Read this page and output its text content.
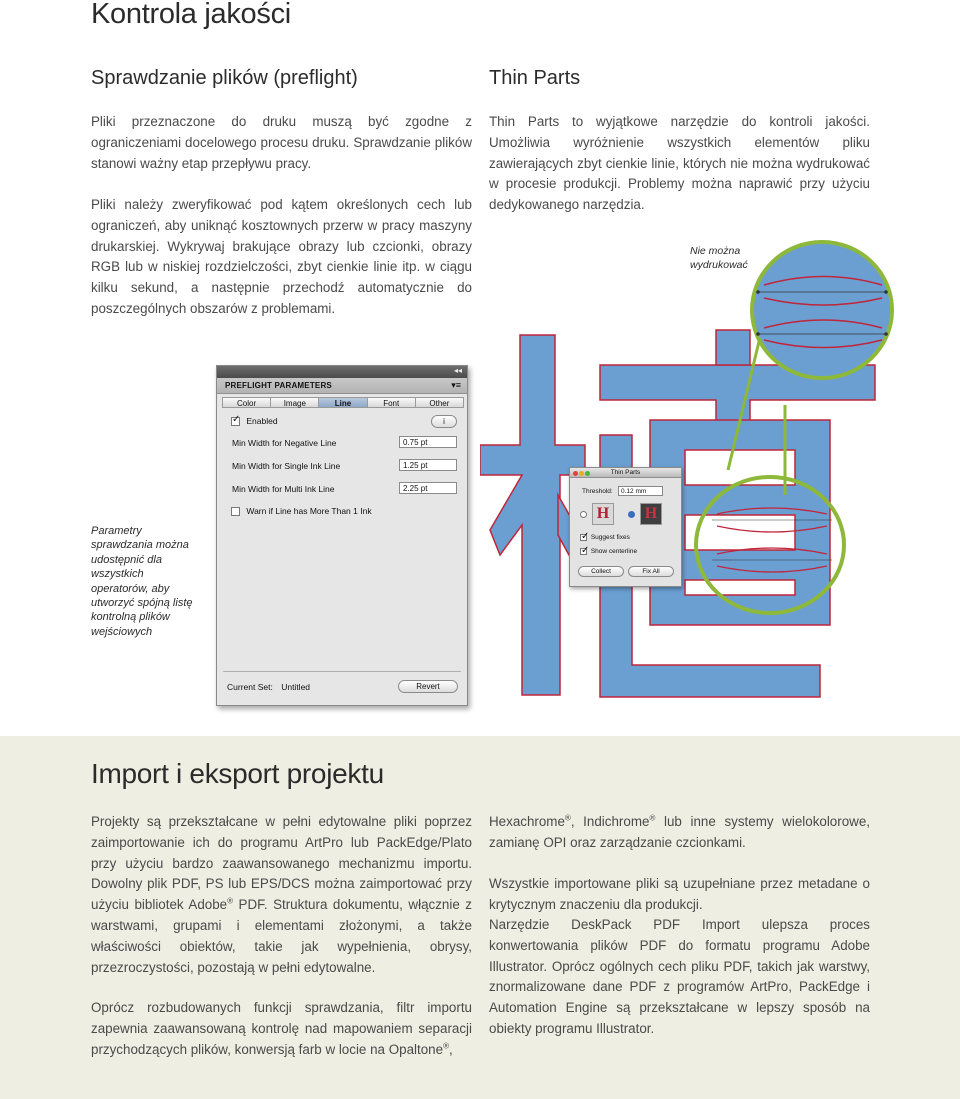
Kontrola jakości
Sprawdzanie plików (preflight)
Pliki przeznaczone do druku muszą być zgodne z ograniczeniami docelowego procesu druku. Sprawdzanie plików stanowi ważny etap przepływu pracy.
Pliki należy zweryfikować pod kątem określonych cech lub ograniczeń, aby uniknąć kosztownych przerw w pracy maszyny drukarskiej. Wykrywaj brakujące obrazy lub czcionki, obrazy RGB lub w niskiej rozdzielczości, zbyt cienkie linie itp. w ciągu kilku sekund, a następnie przechodź automatycznie do poszczególnych obszarów z problemami.
Thin Parts
Thin Parts to wyjątkowe narzędzie do kontroli jakości. Umożliwia wyróżnienie wszystkich elementów pliku zawierających zbyt cienkie linie, których nie można wydrukować w procesie produkcji. Problemy można naprawić przy użyciu dedykowanego narzędzia.
Nie można wydrukować
◂◂
PREFLIGHT PARAMETERS	▾≡
Color	Image	Line	Font	Other
✓ Enabled	i
Min Width for Negative Line	0.75 pt
Min Width for Single Ink Line	1.25 pt
Min Width for Multi Ink Line	2.25 pt
Warn if Line has More Than 1 Ink
Current Set: Untitled	Revert
Thin Parts
Threshold:	0.12 mm
H H
✓ Suggest fixes
✓ Show centerline
Collect	Fix All
Parametry sprawdzania można udostępnić dla wszystkich operatorów, aby utworzyć spójną listę kontrolną plików wejściowych
Import i eksport projektu
Projekty są przekształcane w pełni edytowalne pliki poprzez zaimportowanie ich do programu ArtPro lub PackEdge/Plato przy użyciu bardzo zaawansowanego mechanizmu importu. Dowolny plik PDF, PS lub EPS/DCS można zaimportować przy użyciu bibliotek Adobe® PDF. Struktura dokumentu, włącznie z warstwami, grupami i elementami złożonymi, a także właściwości obiektów, takie jak wypełnienia, obrysy, przezroczystości, pozostają w pełni edytowalne.
Oprócz rozbudowanych funkcji sprawdzania, filtr importu zapewnia zaawansowaną kontrolę nad mapowaniem separacji przychodzących plików, konwersją farb w locie na Opaltone®,
Hexachrome®, Indichrome® lub inne systemy wielokolorowe, zamianę OPI oraz zarządzanie czcionkami.
Wszystkie importowane pliki są uzupełniane przez metadane o krytycznym znaczeniu dla produkcji.
Narzędzie DeskPack PDF Import ulepsza proces konwertowania plików PDF do formatu programu Adobe Illustrator. Oprócz ogólnych cech pliku PDF, takich jak warstwy, znormalizowane dane PDF z programów ArtPro, PackEdge i Automation Engine są przekształcane w lepszy sposób na obiekty programu Illustrator.
